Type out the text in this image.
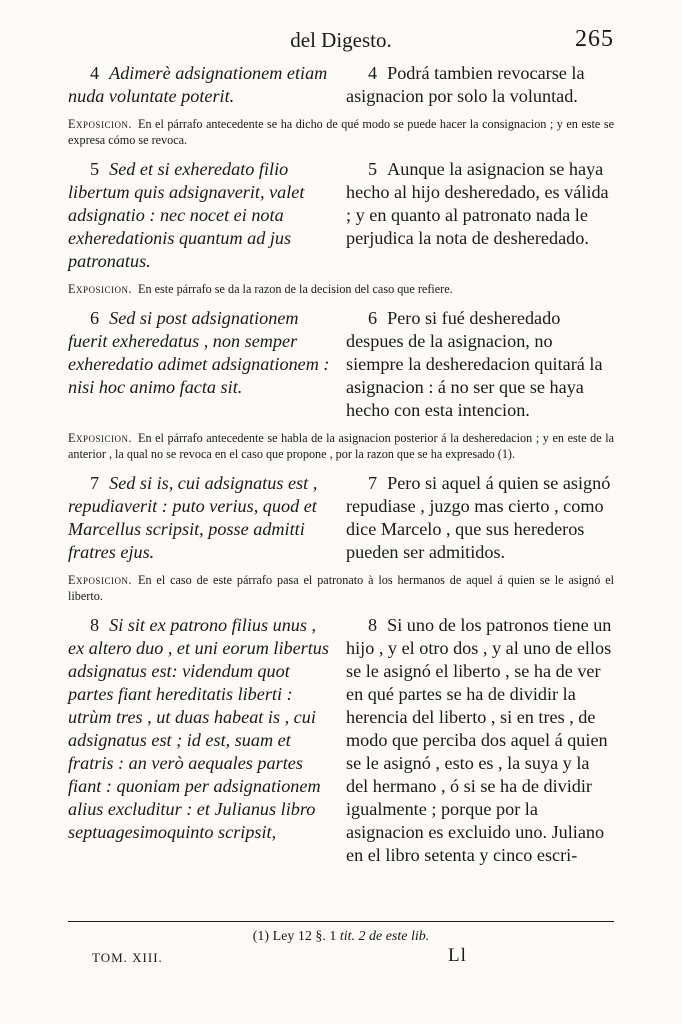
del Digesto.	265
4 Adimerè adsignationem etiam nuda voluntate poterit.
4 Podrá tambien revocarse la asignacion por solo la voluntad.
Exposicion. En el párrafo antecedente se ha dicho de qué modo se puede hacer la consignacion ; y en este se expresa cómo se revoca.
5 Sed et si exheredato filio libertum quis adsignaverit, valet adsignatio : nec nocet ei nota exheredationis quantum ad jus patronatus.
5 Aunque la asignacion se haya hecho al hijo desheredado, es válida ; y en quanto al patronato nada le perjudica la nota de desheredado.
Exposicion. En este párrafo se da la razon de la decision del caso que refiere.
6 Sed si post adsignationem fuerit exheredatus , non semper exheredatio adimet adsignationem : nisi hoc animo facta sit.
6 Pero si fué desheredado despues de la asignacion, no siempre la desheredacion quitará la asignacion : á no ser que se haya hecho con esta intencion.
Exposicion. En el párrafo antecedente se habla de la asignacion posterior á la desheredacion ; y en este de la anterior , la qual no se revoca en el caso que propone , por la razon que se ha expresado (1).
7 Sed si is, cui adsignatus est , repudiaverit : puto verius, quod et Marcellus scripsit, posse admitti fratres ejus.
7 Pero si aquel á quien se asignó repudiase , juzgo mas cierto , como dice Marcelo , que sus herederos pueden ser admitidos.
Exposicion. En el caso de este párrafo pasa el patronato à los hermanos de aquel á quien se le asignó el liberto.
8 Si sit ex patrono filius unus , ex altero duo , et uni eorum libertus adsignatus est: videndum quot partes fiant hereditatis liberti : utrùm tres , ut duas habeat is , cui adsignatus est ; id est, suam et fratris : an verò aequales partes fiant : quoniam per adsignationem alius excluditur : et Julianus libro septuagesimoquinto scripsit,
8 Si uno de los patronos tiene un hijo , y el otro dos , y al uno de ellos se le asignó el liberto , se ha de ver en qué partes se ha de dividir la herencia del liberto , si en tres , de modo que perciba dos aquel á quien se le asignó , esto es , la suya y la del hermano , ó si se ha de dividir igualmente ; porque por la asignacion es excluido uno. Juliano en el libro setenta y cinco escri-
(1) Ley 12 §. 1 tit. 2 de este lib.
TOM. XIII.	Ll
